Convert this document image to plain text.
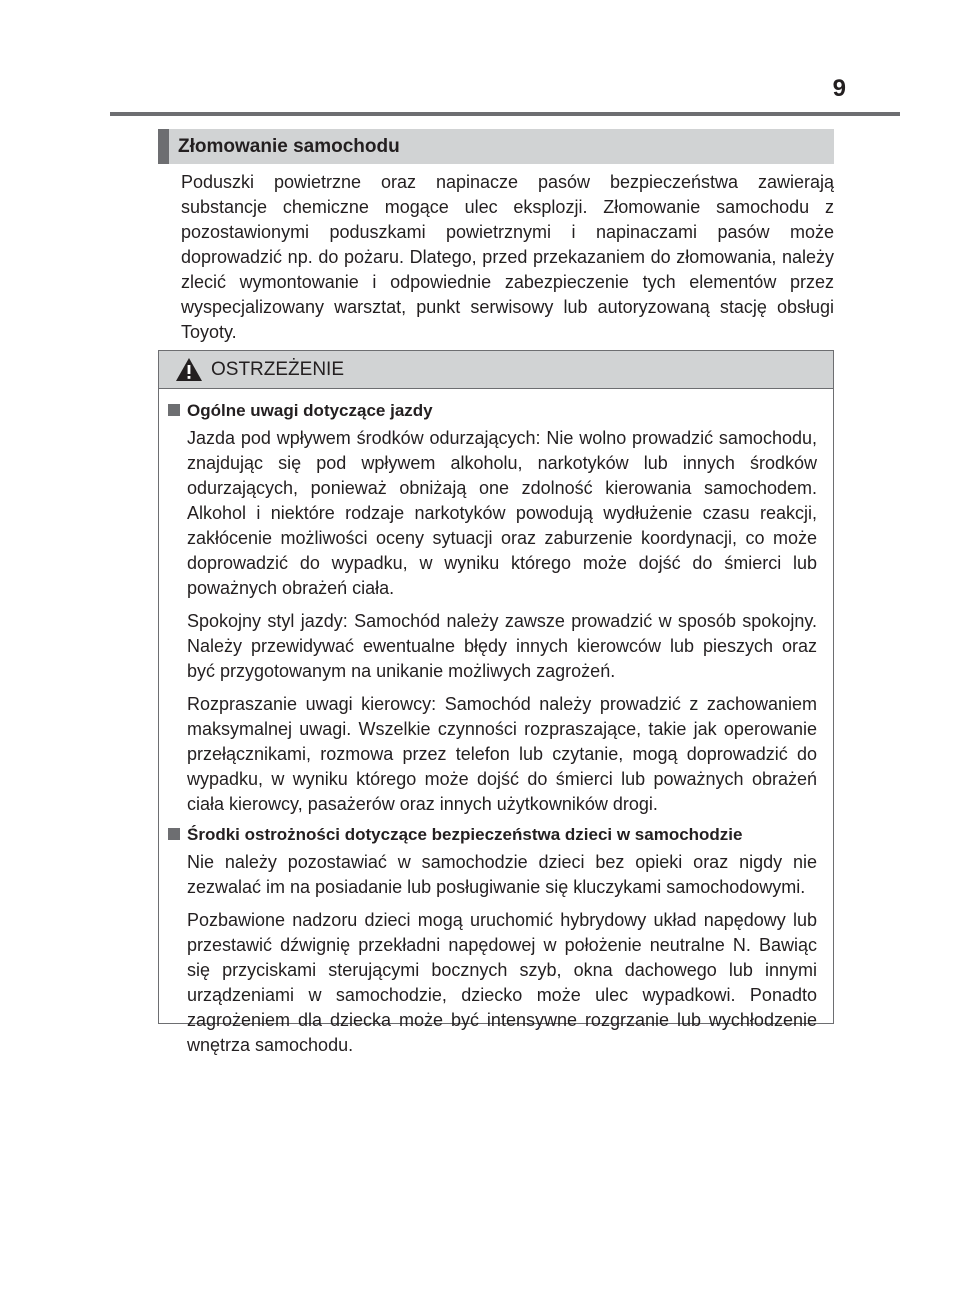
9
Złomowanie samochodu

Poduszki powietrzne oraz napinacze pasów bezpieczeństwa zawierają substancje chemiczne mogące ulec eksplozji. Złomowanie samochodu z pozostawionymi poduszkami powietrznymi i napinaczami pasów może doprowadzić np. do pożaru. Dlatego, przed przekazaniem do złomowania, należy zlecić wymontowanie i odpowiednie zabezpieczenie tych elementów przez wyspecjalizowany warsztat, punkt serwisowy lub autoryzowaną stację obsługi Toyoty.

OSTRZEŻENIE
Ogólne uwagi dotyczące jazdy

Jazda pod wpływem środków odurzających: Nie wolno prowadzić samochodu, znajdując się pod wpływem alkoholu, narkotyków lub innych środków odurzających, ponieważ obniżają one zdolność kierowania samochodem. Alkohol i niektóre rodzaje narkotyków powodują wydłużenie czasu reakcji, zakłócenie możliwości oceny sytuacji oraz zaburzenie koordynacji, co może doprowadzić do wypadku, w wyniku którego może dojść do śmierci lub poważnych obrażeń ciała.

Spokojny styl jazdy: Samochód należy zawsze prowadzić w sposób spokojny. Należy przewidywać ewentualne błędy innych kierowców lub pieszych oraz być przygotowanym na unikanie możliwych zagrożeń.

Rozpraszanie uwagi kierowcy: Samochód należy prowadzić z zachowaniem maksymalnej uwagi. Wszelkie czynności rozpraszające, takie jak operowanie przełącznikami, rozmowa przez telefon lub czytanie, mogą doprowadzić do wypadku, w wyniku którego może dojść do śmierci lub poważnych obrażeń ciała kierowcy, pasażerów oraz innych użytkowników drogi.

Środki ostrożności dotyczące bezpieczeństwa dzieci w samochodzie

Nie należy pozostawiać w samochodzie dzieci bez opieki oraz nigdy nie zezwalać im na posiadanie lub posługiwanie się kluczykami samochodowymi.

Pozbawione nadzoru dzieci mogą uruchomić hybrydowy układ napędowy lub przestawić dźwignię przekładni napędowej w położenie neutralne N. Bawiąc się przyciskami sterującymi bocznych szyb, okna dachowego lub innymi urządzeniami w samochodzie, dziecko może ulec wypadkowi. Ponadto zagrożeniem dla dziecka może być intensywne rozgrzanie lub wychłodzenie wnętrza samochodu.
